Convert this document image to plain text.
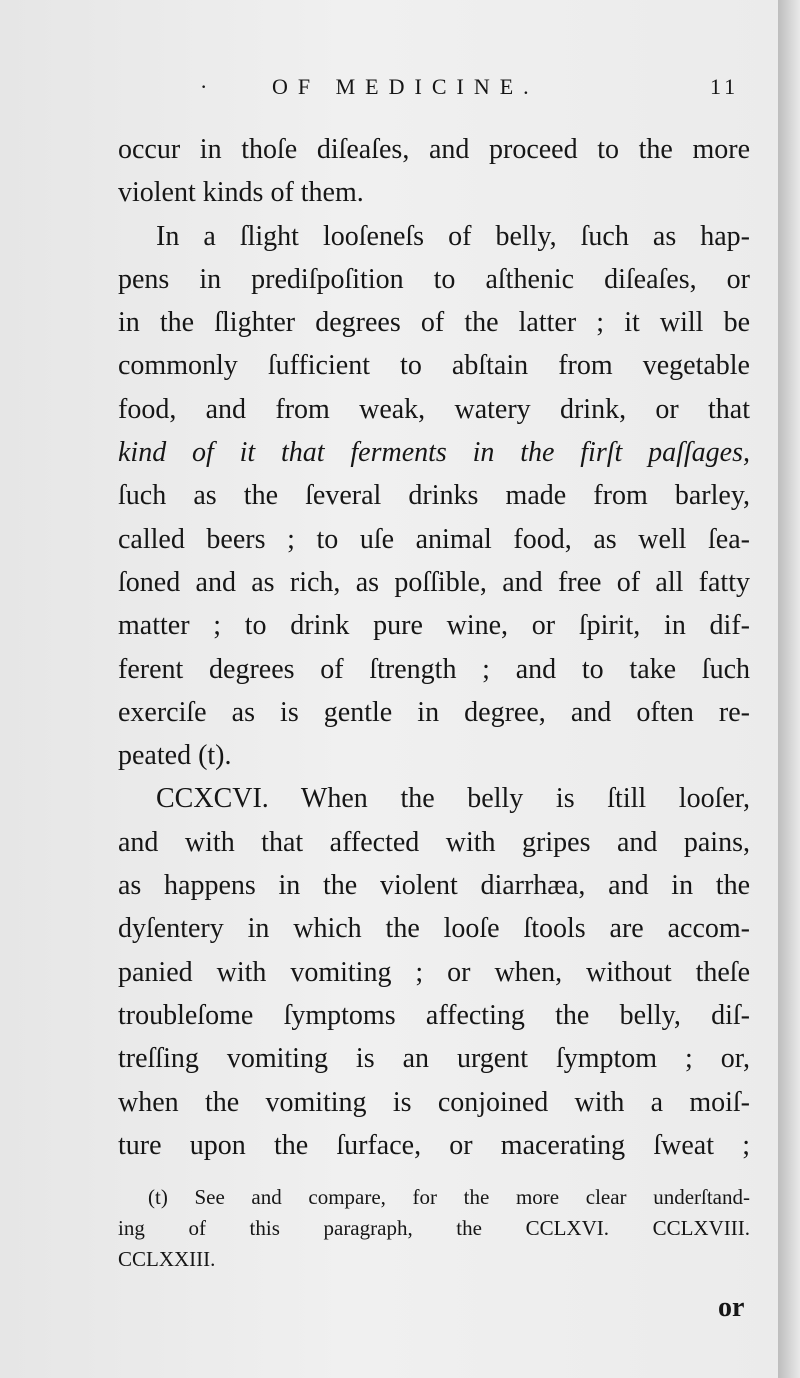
· OF MEDICINE.	11
occur in thoſe diſeaſes, and proceed to the more
violent kinds of them.
In a ſlight looſeneſs of belly, ſuch as hap-
pens in prediſpoſition to aſthenic diſeaſes, or
in the ſlighter degrees of the latter ; it will be
commonly ſufficient to abſtain from vegetable
food, and from weak, watery drink, or that
kind of it that ferments in the firſt paſſages,
ſuch as the ſeveral drinks made from barley,
called beers ; to uſe animal food, as well ſea-
ſoned and as rich, as poſſible, and free of all fatty
matter ; to drink pure wine, or ſpirit, in dif-
ferent degrees of ſtrength ; and to take ſuch
exerciſe as is gentle in degree, and often re-
peated (t).
CCXCVI. When the belly is ſtill looſer,
and with that affected with gripes and pains,
as happens in the violent diarrhæa, and in the
dyſentery in which the looſe ſtools are accom-
panied with vomiting ; or when, without theſe
troubleſome ſymptoms affecting the belly, diſ-
treſſing vomiting is an urgent ſymptom ; or,
when the vomiting is conjoined with a moiſ-
ture upon the ſurface, or macerating ſweat ;
(t) See and compare, for the more clear underſtand-
ing of this paragraph, the CCLXVI. CCLXVIII.
CCLXXIII.
or
